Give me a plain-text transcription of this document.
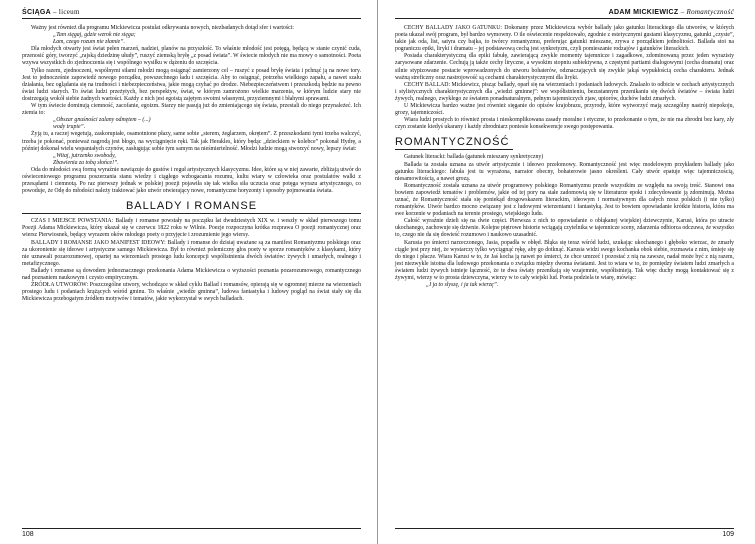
ŚCIĄGA – liceum

Ważny jest również dla programu Mickiewicza postulat odkrywania nowych, niezbadanych dotąd sfer i wartości:

„Tam sięgaj, gdzie wzrok nie sięga;

Łam, czego rozum nie złamie”.

Dla młodych otwarty jest świat pełen marzeń, nadziei, planów na przyszłość. To właśnie młodość jest potęgą, będącą w stanie czynić cuda, przenosić góry, tworzyć „rajską dziedzinę ułudy”, ruszyć ziemską bryłę „z posad świata”. W świecie młodych nie ma mowy o samotności. Poeta wzywa wszystkich do zjednoczenia się i wspólnego wysiłku w dążeniu do szczęścia.

Tylko razem, zjednoczeni, wspólnymi siłami młodzi mogą osiągnąć zamierzony cel – ruszyć z posad bryłę świata i pchnąć ją na nowe tory. Jest to jednocześnie zapowiedź nowego porządku, powszechnego ładu i szczęścia. Aby to osiągnąć, potrzeba wielkiego zapału, a nawet szału działania, bez oglądania się na trudności i niebezpieczeństwa, jakie mogą czyhać po drodze. Niebezpieczeństwem i przeszkodą będzie na pewno świat ludzi starych. To świat ludzi przeżytych, bez perspektyw, świat, w którym zamrożono wielkie marzenia, w którym ludzie stary nie dostrzegają wokół siebie żadnych wartości. Każdy z nich jest egoistą zajętym swoimi własnymi, przyziemnymi i błahymi sprawami.

W tym świecie dominują ciemność, zacofanie, egoizm. Starzy nie pasują już do zmieniającego się świata, przestali do niego przynależeć. Ich ziemia to:

„Obszar gnuśności zalany odmętem – (...)

wody trupie”.

Żyją tu, a raczej wegetują, zaskorupiałe, osamotnione płazy, same sobie „sterem, żeglarzem, okrętem”. Z przeszkodami tymi trzeba walczyć, trzeba je pokonać, ponieważ nagrodą jest błogo, na wyciągnięcie ręki. Tak jak Herakles, który będąc „dzieckiem w kolebce” pokonał Hydrę, a później dokonał wielu wspaniałych czynów, zasługując sobie tym samym na nieśmiertelność. Młodzi ludzie mogą stworzyć nowy, lepszy świat:

„Witaj, jutrzenko swobody,

Zbawienia za tobą słońce!”.

Oda do młodości swą formą wyraźnie nawiązuje do gustów i reguł artystycznych klasycyzmu. Idee, które są w niej zawarte, zbliżają utwór do oświeceniowego programu poszerzania stanu wiedzy i ciągłego wzbogacania rozumu, kultu wiary w człowieka oraz postulatów walki z przesądami i ciemnotą. Po raz pierwszy jednak w polskiej poezji pojawiła się tak wielka siła uczucia oraz potęga wyrazu artystycznego, co powoduje, że Odę do młodości należy traktować jako utwór otwierający nowe, romantyczne horyzonty i sposoby pojmowania świata.

BALLADY I ROMANSE

CZAS I MIEJSCE POWSTANIA: Ballady i romanse powstały na początku lat dwudziestych XIX w. i weszły w skład pierwszego tomu Poezji Adama Mickiewicza, który ukazał się w czerwcu 1822 roku w Wilnie. Poezje rozpoczyna krótka rozprawa O poezji romantycznej oraz wiersz Pierwiosnek, będący wyrazem oków młodego poety o przyjęcie i zrozumienie jego wiersy.

BALLADY I ROMANSE JAKO MANIFEST IDEOWY: Ballady i romanse do dzisiaj uważane są za manifest Romantyzmu polskiego oraz za ukoronienie się ideowe i artystyczne samego Mickiewicza. Był to również polemiczny głos poety w sporze romantyków z klasykami, który nie uznawali pozarozumowej, opartej na wierzeniach prostego ludu koncepcji wspólistnienia dwóch światów: żywych i umarłych, realnego i metafizycznego.

Ballady i romanse są dowodem jednoznacznego przekonania Adama Mickiewicza o wyższości poznania pozarozumowego, romantycznego nad poznaniem naukowym i czysto empirycznym.

ŹRÓDŁA UTWORÓW: Poszczególne utwory, wchodzące w skład cyklu Ballad i romansów, opierają się w ogromnej mierze na wierzeniach prostego ludu i podaniach krążących wśród gminu. To właśnie „wiedźe gminna”, ludowa fantastyka i ludowy pogląd na świat stały się dla Mickiewicza przebogatym źródłem motywów i tematów, jakie wykorzystał w swych balladach.

108
ADAM MICKIEWICZ – Romantyczność

CECHY BALLADY JAKO GATUNKU: Dokonany przez Mickiewicza wybór ballady jako gatunku literackiego dla utworów, w których poeta ukazał swój program, był bardzo wymowny. O ile oświecenie respektowało, zgodnie z estetycznymi gustami klasycyzmu, gatunki „czyste”, takie jak oda, list, satyra czy bajka, to twórcy romantyzmu, preferując gatunki mieszane, zrywa z porządkiem jednolitości. Ballada stoi na pograniczu epiki, liryki i dramatu – jej podstawową cechą jest synkretyzm, czyli pomieszanie rodzajów i gatunków literackich.

Posiada charakterystyczną dla epiki fabułę, zawierającą zwykle momenty tajemnicze i zagadkowe, zdominowaną przez jeden wyrazisty zarysowane zdarzenie. Cechują ją także cechy liryczne, a wysokim stopniu subiektywna, z częstymi partiami dialogowymi (cecha dramatu) oraz silnie stypizowane postacie wprowadzonych do utworu bohaterów, odznaczających się zwykle jakąś wypukłością cecha charakteru. Jednak ważną streficzny oraz nastrojowość są cechami charakterystycznymi dla liryki.

CECHY BALLAD: Mickiewicz, pisząc ballady, oparł się na wierzeniach i podaniach ludowych. Znalazło to odbicie w cechach artystycznych i stylistycznych charakterystycznych dla „wiedzi gminnej”: we współistnieniu, bezustannym przenikaniu się dwóch światów – świata ludzi żywych, realnego, zwykłego ze światem ponadnaturalnym, pełnym tajemniczych zjaw, upiorów, duchów ludzi zmarłych.

U Mickiewicza bardzo ważne jest również sięganie do opisów krajobrazu, przyrody, które wytworzyć mają szczególny nastrój niepokoju, grozy, tajemniczości.

Wiara ludzi prostych to również prosta i nieskomplikowana zasady moralne i etyczne, to przekonanie o tym, że nie ma zbrodni bez kary, zły czyn zostanie kiedyś ukarany i każdy zbrodniarz poniesie konsekwencje swego postępowania.

ROMANTYCZNOŚĆ

Gatunek literacki: ballada (gatunek mieszany synkretyczny)

Ballada ta została uznana za utwór artystycznie i ideowo przełomowy. Romantyczność jest więc modelowym przykładem ballady jako gatunku literackiego: fabuła jest tu wyrażona, narrator obecny, bohaterowie jasno określeni. Cały utwór epatuje więc tajemniczością, niesamowitością, a nawet grozą.

Romantyczność została uznana za utwór programowy polskiego Romantyzmu przede wszystkim ze względu na swoją treść. Stanowi ona bowiem zapowiedź tematów i problemów, jakie od tej pory na stałe zadomowią się w literaturze epoki i zdecydowanie ją zdominują. Można uznać, że Romantyczność stała się poniekąd drogowskazem literackim, ideowym i normatywnym dla całych rzesz polskich (i nie tylko) romantyków. Utwór bardzo mocno związany jest z ludowymi wierzeniami i fantastyką. Jest to bowiem opowiadanie krótkie historia, która ma swe korzenie w podaniach na terenie prostego, wiejskiego ludu.

Całość wyraźnie dzieli się na dwie części. Pierwsza z nich to opowiadanie o obłąkanej wiejskiej dziewczynie, Karusi, która po utracie ukochanego, zachowuje się dziwnie. Kolejne piętrowe historie wciągają czytelnika w tajemnicze sceny, zdarzenia odbiorca odczuwa, że wszystko to, czego nie da się dowieść rozumowo i naukowo uzasadnić.

Karusia po śmierci narzeczonego, Jasia, popadła w obłęd. Błąka się teraz wśród ludzi, szukając ukochanego i głęboko wierzac, że zmarły ciągle jest przy niej, że wystarczy tylko wyciągnąć rękę, aby go dotknąć. Karusia widzi swego kochanka obok siebie, rozmawia z nim, śmieje się do niego i płacze. Wiara Karusi w to, że Jaś kocha ją nawet po śmierci, że chce umrzeć i pozostać z nią na zawsze, nadał może być z nią razem, jest niezwykle istotna dla ludowego przekonania o związku między dwoma światami. Jest to wiara w to, że pomiędzy światem ludzi zmarłych a światem ludzi żywych istnieje łączność, że te dwa światy przenikają się wzajemnie, współistnieją. Tak więc duchy mogą kontaktować się z żywymi, wierzy w to prosta dziewczyna, wierzy w to cały wiejski lud. Poeta podziela te wiarę, mówiąc:

„I ja to słyszę, i ja tak wierzę”.

109
